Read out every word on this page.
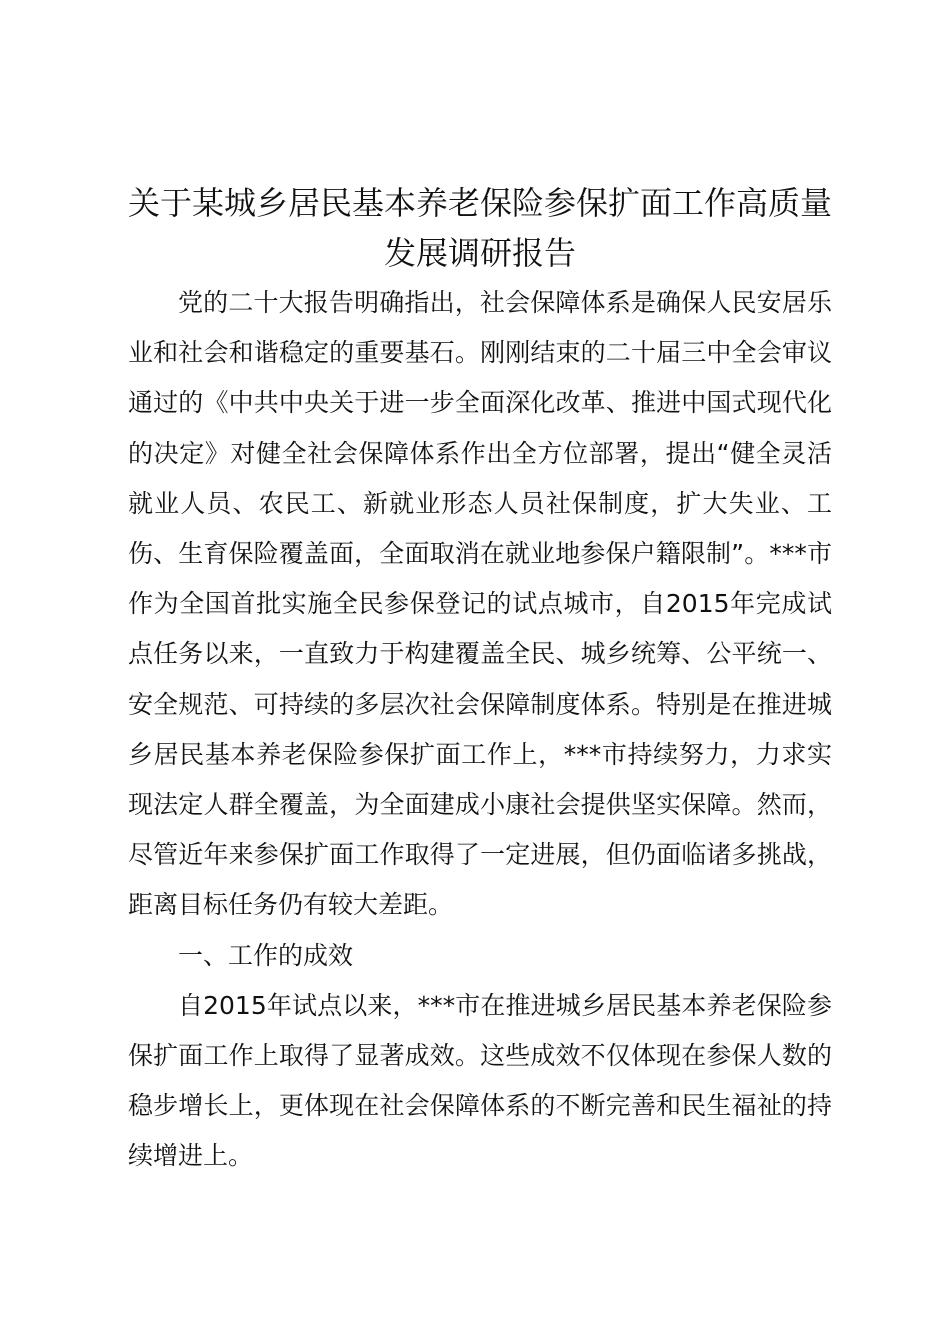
关于某城乡居民基本养老保险参保扩面工作高质量发展调研报告

党的二十大报告明确指出，社会保障体系是确保人民安居乐业和社会和谐稳定的重要基石。刚刚结束的二十届三中全会审议通过的《中共中央关于进一步全面深化改革、推进中国式现代化的决定》对健全社会保障体系作出全方位部署，提出“健全灵活就业人员、农民工、新就业形态人员社保制度，扩大失业、工伤、生育保险覆盖面，全面取消在就业地参保户籍限制”。***市作为全国首批实施全民参保登记的试点城市，自2015年完成试点任务以来，一直致力于构建覆盖全民、城乡统筹、公平统一、安全规范、可持续的多层次社会保障制度体系。特别是在推进城乡居民基本养老保险参保扩面工作上，***市持续努力，力求实现法定人群全覆盖，为全面建成小康社会提供坚实保障。然而，尽管近年来参保扩面工作取得了一定进展，但仍面临诸多挑战，距离目标任务仍有较大差距。

一、工作的成效

自2015年试点以来，***市在推进城乡居民基本养老保险参保扩面工作上取得了显著成效。这些成效不仅体现在参保人数的稳步增长上，更体现在社会保障体系的不断完善和民生福祉的持续增进上。
